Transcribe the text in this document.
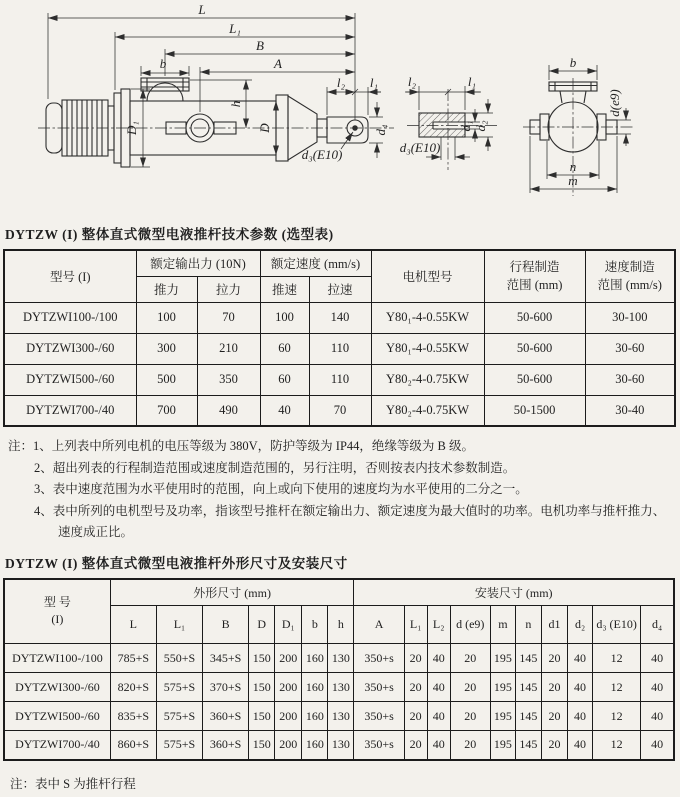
L
L₁
B
A
b
h
D₁	D
l₂ l₁
d₄
d₃(E10)
l₂	l₁
d₁ d₂
d₃(E10)
b
d(e9)
n
m
DYTZW (I) 整体直式微型电液推杆技术参数 (选型表)
型号 (I)	额定输出力 (10N)		额定速度 (mm/s)		电机型号	行程制造
范围 (mm)	速度制造
范围 (mm/s)

	推力	拉力	推速	拉速			
DYTZWI100-/100	100	70	100	140	Y80₁-4-0.55KW	50-600	30-100
DYTZWI300-/60	300	210	60	110	Y80₁-4-0.55KW	50-600	30-60
DYTZWI500-/60	500	350	60	110	Y80₂-4-0.75KW	50-600	30-60
DYTZWI700-/40	700	490	40	70	Y80₂-4-0.75KW	50-1500	30-40
注： 1、上列表中所列电机的电压等级为 380V，防护等级为 IP44，绝缘等级为 B 级。
2、超出列表的行程制造范围或速度制造范围的，另行注明，否则按表内技术参数制造。
3、表中速度范围为水平使用时的范围，向上或向下使用的速度均为水平使用的二分之一。
4、表中所列的电机型号及功率，指该型号推杆在额定输出力、额定速度为最大值时的功率。电机功率与推杆推力、速度成正比。
DYTZW (I) 整体直式微型电液推杆外形尺寸及安装尺寸
型 号
(I)	外形尺寸 (mm)							安装尺寸 (mm)									
	L	L₁	B	D	D₁	b	h	A	L₁	L₂	d (e9)	m	n	d1	d₂	d₃ (E10)	d₄
DYTZWI100-/100	785+S	550+S	345+S	150	200	160	130	350+s	20	40	20	195	145	20	40	12	40
DYTZWI300-/60	820+S	575+S	370+S	150	200	160	130	350+s	20	40	20	195	145	20	40	12	40
DYTZWI500-/60	835+S	575+S	360+S	150	200	160	130	350+s	20	40	20	195	145	20	40	12	40
DYTZWI700-/40	860+S	575+S	360+S	150	200	160	130	350+s	20	40	20	195	145	20	40	12	40
注： 表中 S 为推杆行程
